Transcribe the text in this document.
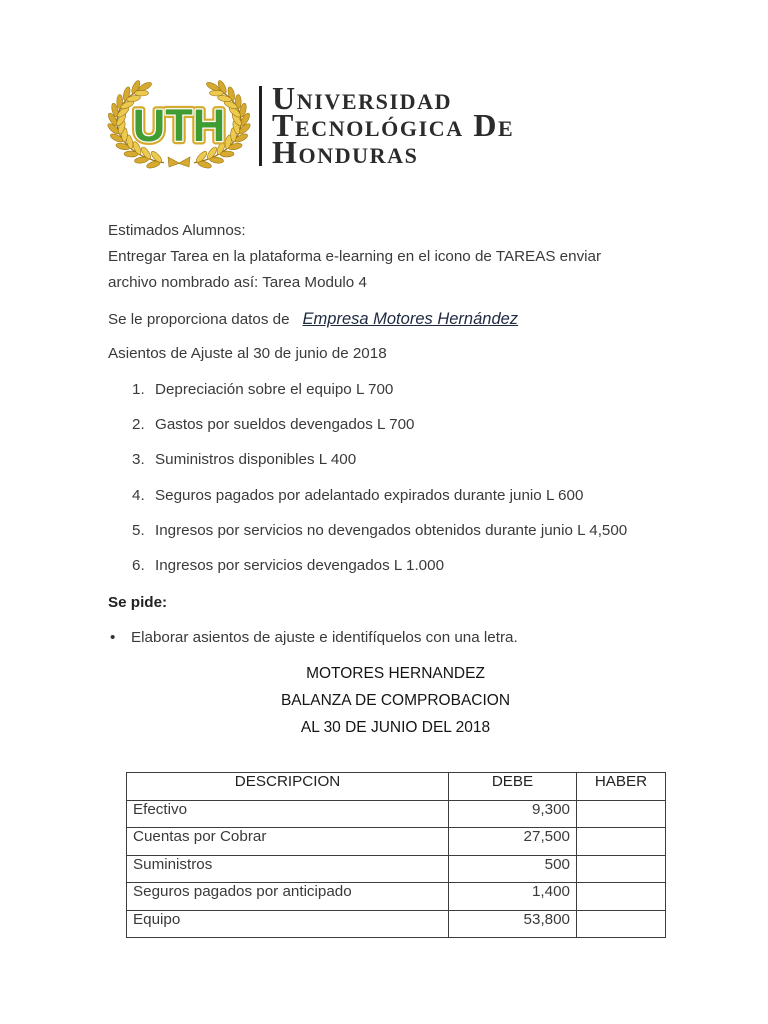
UTH
Universidad
Tecnológica De
Honduras
Estimados Alumnos:
Entregar Tarea en la plataforma e-learning en el icono de TAREAS enviar
archivo nombrado así: Tarea Modulo 4
Se le proporciona datos de Empresa Motores Hernández
Asientos de Ajuste al 30 de junio de 2018
1. Depreciación sobre el equipo L 700
2. Gastos por sueldos devengados L 700
3. Suministros disponibles L 400
4. Seguros pagados por adelantado expirados durante junio L 600
5. Ingresos por servicios no devengados obtenidos durante junio L 4,500
6. Ingresos por servicios devengados L 1.000
Se pide:
•
Elaborar asientos de ajuste e identifíquelos con una letra.
MOTORES HERNANDEZ
BALANZA DE COMPROBACION
AL 30 DE JUNIO DEL 2018
DESCRIPCION	DEBE	HABER
Efectivo	9,300	
Cuentas por Cobrar	27,500	
Suministros	500	
Seguros pagados por anticipado	1,400	
Equipo	53,800	
